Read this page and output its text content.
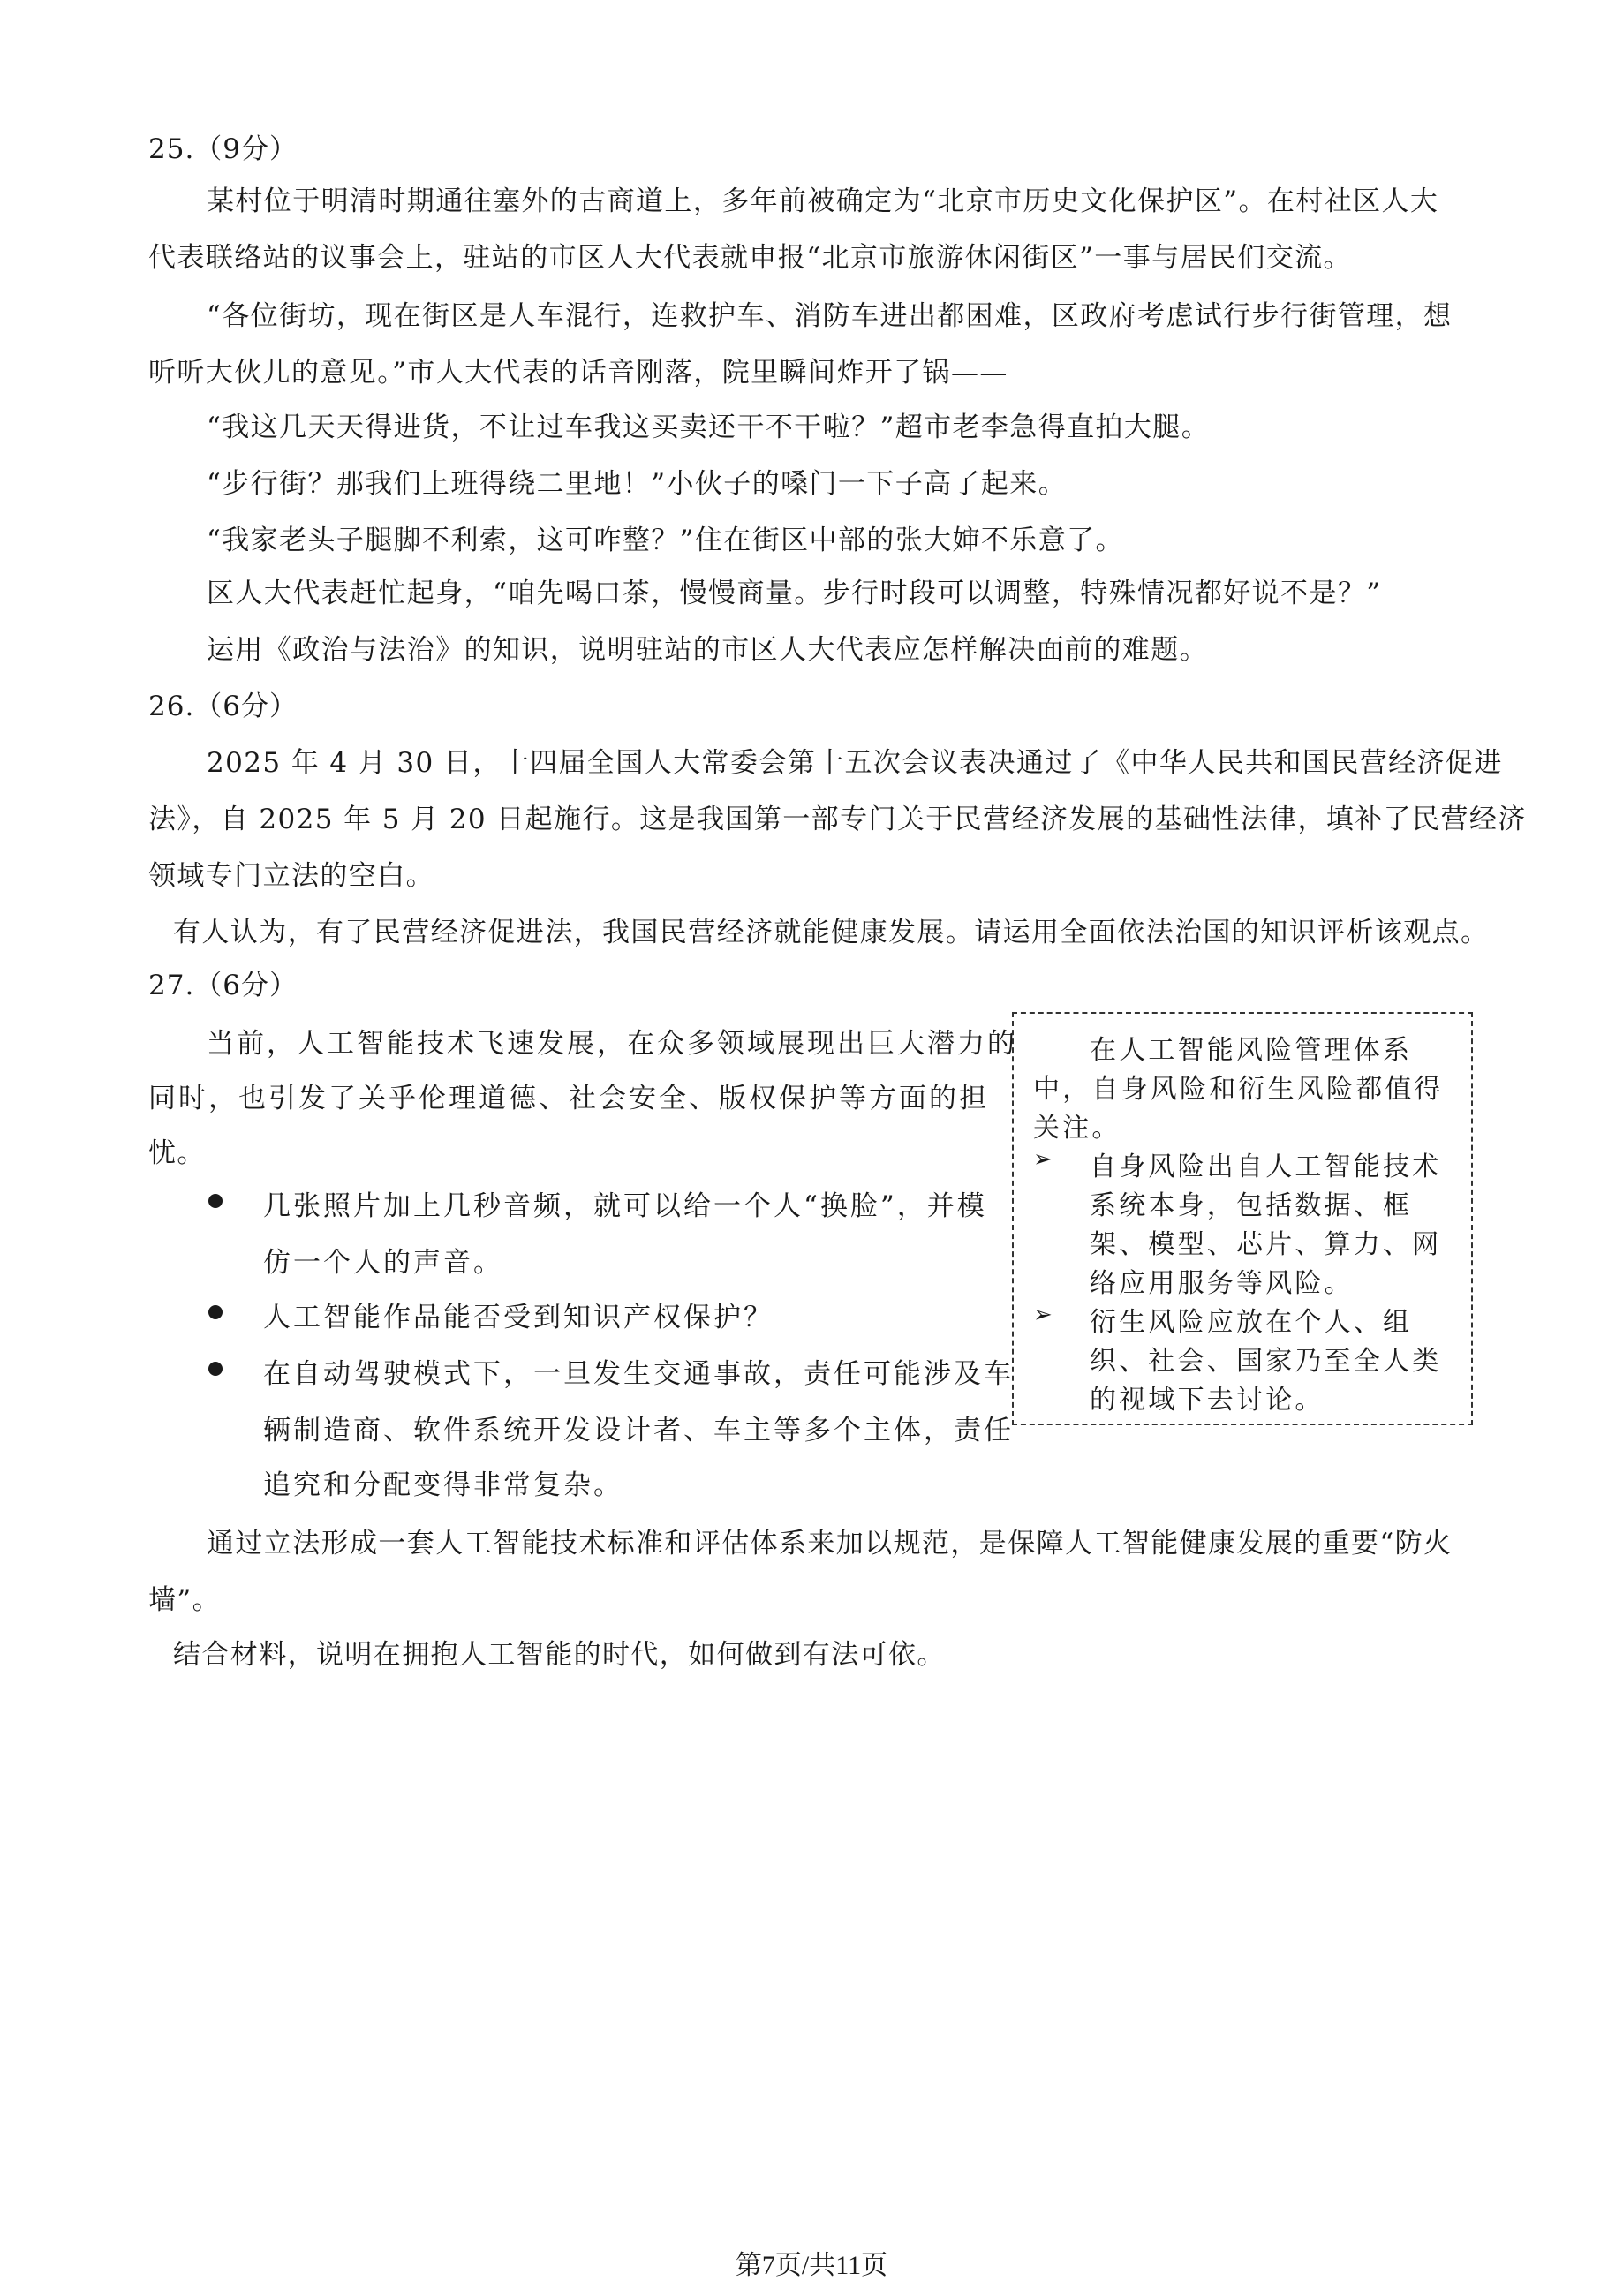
25.（9分）
某村位于明清时期通往塞外的古商道上，多年前被确定为“北京市历史文化保护区”。在村社区人大
代表联络站的议事会上，驻站的市区人大代表就申报“北京市旅游休闲街区”一事与居民们交流。
“各位街坊，现在街区是人车混行，连救护车、消防车进出都困难，区政府考虑试行步行街管理，想
听听大伙儿的意见。”市人大代表的话音刚落，院里瞬间炸开了锅——
“我这几天天得进货，不让过车我这买卖还干不干啦？”超市老李急得直拍大腿。
“步行街？那我们上班得绕二里地！”小伙子的嗓门一下子高了起来。
“我家老头子腿脚不利索，这可咋整？”住在街区中部的张大婶不乐意了。
区人大代表赶忙起身，“咱先喝口茶，慢慢商量。步行时段可以调整，特殊情况都好说不是？”
运用《政治与法治》的知识，说明驻站的市区人大代表应怎样解决面前的难题。
26.（6分）
2025 年 4 月 30 日，十四届全国人大常委会第十五次会议表决通过了《中华人民共和国民营经济促进
法》，自 2025 年 5 月 20 日起施行。这是我国第一部专门关于民营经济发展的基础性法律，填补了民营经济
领域专门立法的空白。
有人认为，有了民营经济促进法，我国民营经济就能健康发展。请运用全面依法治国的知识评析该观点。
27.（6分）
当前，人工智能技术飞速发展，在众多领域展现出巨大潜力的
同时，也引发了关乎伦理道德、社会安全、版权保护等方面的担
忧。
几张照片加上几秒音频，就可以给一个人“换脸”，并模
仿一个人的声音。
人工智能作品能否受到知识产权保护？
在自动驾驶模式下，一旦发生交通事故，责任可能涉及车
辆制造商、软件系统开发设计者、车主等多个主体，责任
追究和分配变得非常复杂。
在人工智能风险管理体系
中，自身风险和衍生风险都值得
关注。
➢ 自身风险出自人工智能技术
系统本身，包括数据、框
架、模型、芯片、算力、网
络应用服务等风险。
➢ 衍生风险应放在个人、组
织、社会、国家乃至全人类
的视域下去讨论。
通过立法形成一套人工智能技术标准和评估体系来加以规范，是保障人工智能健康发展的重要“防火
墙”。
结合材料，说明在拥抱人工智能的时代，如何做到有法可依。
第7页/共11页
